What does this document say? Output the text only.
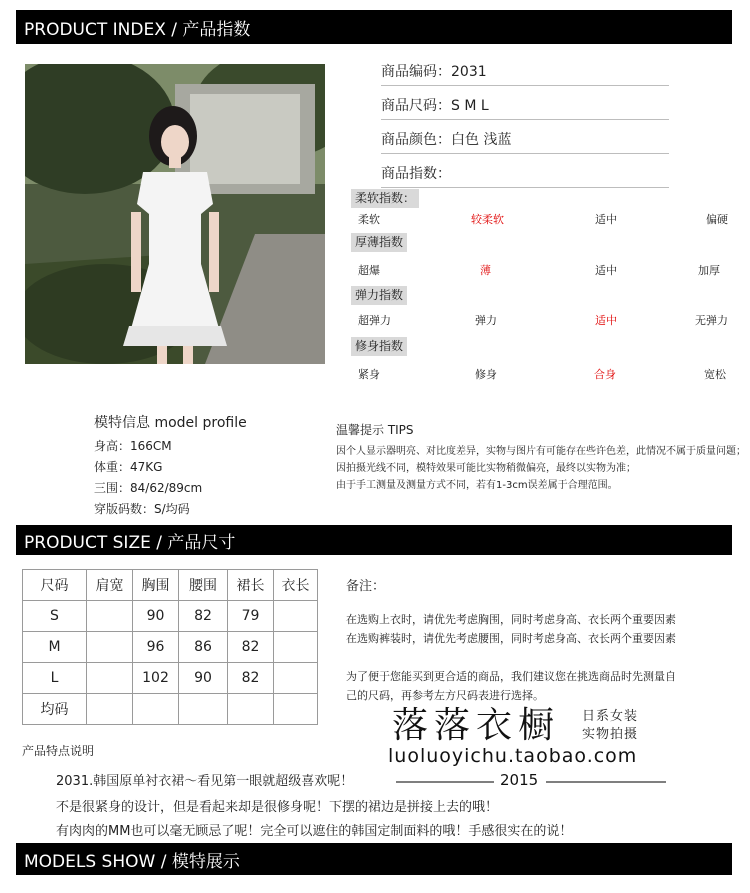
PRODUCT INDEX / 产品指数
商品编码：2031
商品尺码：S M L
商品颜色：白色 浅蓝
商品指数：
柔软指数：
柔软	较柔软	适中	偏硬
厚薄指数
超爆	薄	适中	加厚
弹力指数
超弹力	弹力	适中	无弹力
修身指数
紧身	修身	合身	宽松
模特信息 model profile
身高：166CM
体重：47KG
三围：84/62/89cm
穿版码数：S/均码
温馨提示 TIPS
因个人显示器明亮、对比度差异，实物与图片有可能存在些许色差，此情况不属于质量问题；
因拍摄光线不同，模特效果可能比实物稍微偏亮，最终以实物为准；
由于手工测量及测量方式不同，若有1-3cm误差属于合理范围。
PRODUCT SIZE / 产品尺寸
尺码	肩宽	胸围	腰围	裙长	衣长
S		90	82	79	
M		96	86	82	
L		102	90	82	
均码					
备注：
在选购上衣时，请优先考虑胸围，同时考虑身高、衣长两个重要因素
在选购裤装时，请优先考虑腰围，同时考虑身高、衣长两个重要因素
为了便于您能买到更合适的商品，我们建议您在挑选商品时先测量自
己的尺码，再参考左方尺码表进行选择。
落落衣橱 日系女装 实物拍摄
luoluoyichu.taobao.com
2015
产品特点说明
2031.韩国原单衬衣裙～看见第一眼就超级喜欢呢！
不是很紧身的设计，但是看起来却是很修身呢！下摆的裙边是拼接上去的哦！
有肉肉的MM也可以毫无顾忌了呢！完全可以遮住的韩国定制面料的哦！手感很实在的说！
MODELS SHOW / 模特展示
